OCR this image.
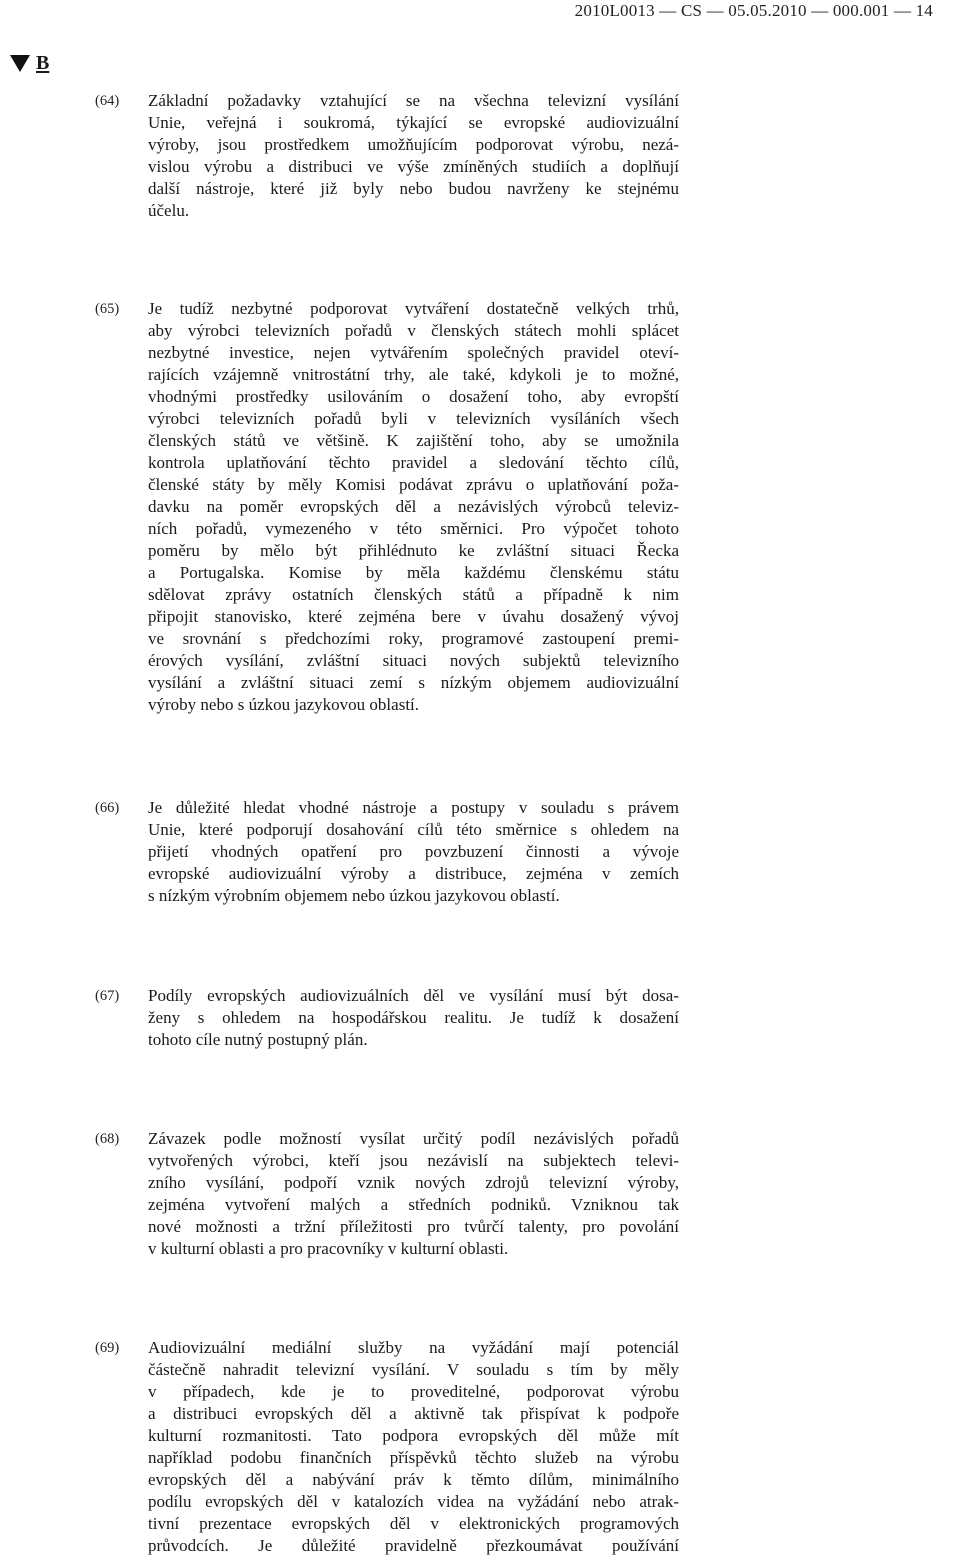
2010L0013 — CS — 05.05.2010 — 000.001 — 14
B
(64) Základní požadavky vztahující se na všechna televizní vysílání
Unie, veřejná i soukromá, týkající se evropské audiovizuální
výroby, jsou prostředkem umožňujícím podporovat výrobu, nezá-
vislou výrobu a distribuci ve výše zmíněných studiích a doplňují
další nástroje, které již byly nebo budou navrženy ke stejnému
účelu.
(65) Je tudíž nezbytné podporovat vytváření dostatečně velkých trhů,
aby výrobci televizních pořadů v členských státech mohli splácet
nezbytné investice, nejen vytvářením společných pravidel oteví-
rajících vzájemně vnitrostátní trhy, ale také, kdykoli je to možné,
vhodnými prostředky usilováním o dosažení toho, aby evropští
výrobci televizních pořadů byli v televizních vysíláních všech
členských států ve většině. K zajištění toho, aby se umožnila
kontrola uplatňování těchto pravidel a sledování těchto cílů,
členské státy by měly Komisi podávat zprávu o uplatňování poža-
davku na poměr evropských děl a nezávislých výrobců televiz-
ních pořadů, vymezeného v této směrnici. Pro výpočet tohoto
poměru by mělo být přihlédnuto ke zvláštní situaci Řecka
a Portugalska. Komise by měla každému členskému státu
sdělovat zprávy ostatních členských států a případně k nim
připojit stanovisko, které zejména bere v úvahu dosažený vývoj
ve srovnání s předchozími roky, programové zastoupení premi-
érových vysílání, zvláštní situaci nových subjektů televizního
vysílání a zvláštní situaci zemí s nízkým objemem audiovizuální
výroby nebo s úzkou jazykovou oblastí.
(66) Je důležité hledat vhodné nástroje a postupy v souladu s právem
Unie, které podporují dosahování cílů této směrnice s ohledem na
přijetí vhodných opatření pro povzbuzení činnosti a vývoje
evropské audiovizuální výroby a distribuce, zejména v zemích
s nízkým výrobním objemem nebo úzkou jazykovou oblastí.
(67) Podíly evropských audiovizuálních děl ve vysílání musí být dosa-
ženy s ohledem na hospodářskou realitu. Je tudíž k dosažení
tohoto cíle nutný postupný plán.
(68) Závazek podle možností vysílat určitý podíl nezávislých pořadů
vytvořených výrobci, kteří jsou nezávislí na subjektech televi-
zního vysílání, podpoří vznik nových zdrojů televizní výroby,
zejména vytvoření malých a středních podniků. Vzniknou tak
nové možnosti a tržní příležitosti pro tvůrčí talenty, pro povolání
v kulturní oblasti a pro pracovníky v kulturní oblasti.
(69) Audiovizuální mediální služby na vyžádání mají potenciál
částečně nahradit televizní vysílání. V souladu s tím by měly
v případech, kde je to proveditelné, podporovat výrobu
a distribuci evropských děl a aktivně tak přispívat k podpoře
kulturní rozmanitosti. Tato podpora evropských děl může mít
například podobu finančních příspěvků těchto služeb na výrobu
evropských děl a nabývání práv k těmto dílům, minimálního
podílu evropských děl v katalozích videa na vyžádání nebo atrak-
tivní prezentace evropských děl v elektronických programových
průvodcích. Je důležité pravidelně přezkoumávat používání
